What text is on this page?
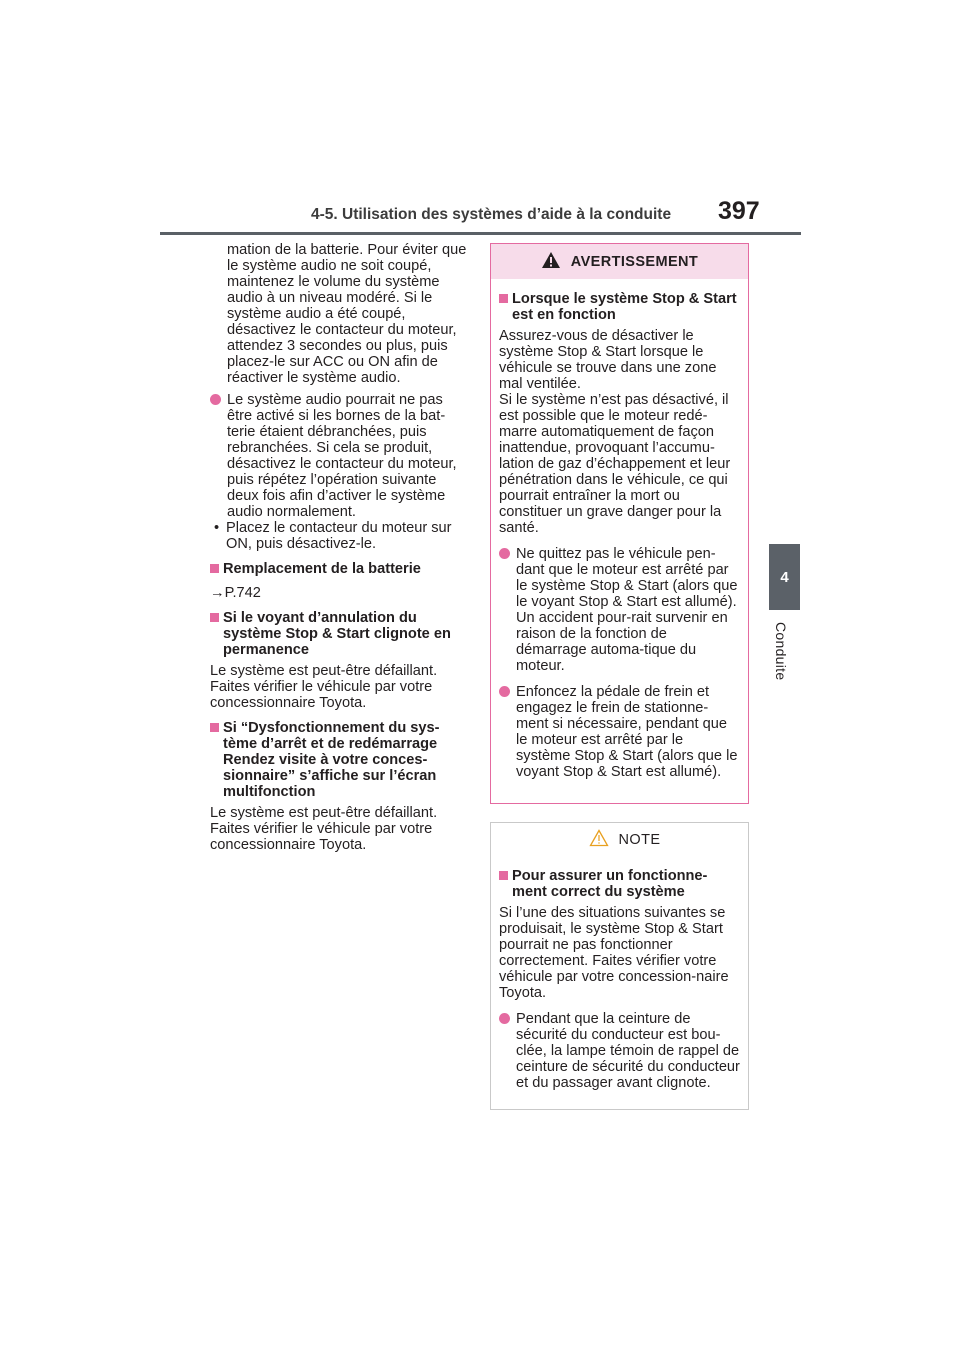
4-5. Utilisation des systèmes d’aide à la conduite 397
4
Conduite

mation de la batterie. Pour éviter que le système audio ne soit coupé, maintenez le volume du système audio à un niveau modéré. Si le système audio a été coupé, désactivez le contacteur du moteur, attendez 3 secondes ou plus, puis placez-le sur ACC ou ON afin de réactiver le système audio.

Le système audio pourrait ne pas être activé si les bornes de la bat-terie étaient débranchées, puis rebranchées. Si cela se produit, désactivez le contacteur du moteur, puis répétez l’opération suivante deux fois afin d’activer le système audio normalement.
• Placez le contacteur du moteur sur ON, puis désactivez-le.
Remplacement de la batterie

→P.742

Si le voyant d’annulation du système Stop & Start clignote en permanence

Le système est peut-être défaillant. Faites vérifier le véhicule par votre concessionnaire Toyota.

Si “Dysfonctionnement du sys-tème d’arrêt et de redémarrage Rendez visite à votre conces-sionnaire” s’affiche sur l’écran multifonction

Le système est peut-être défaillant. Faites vérifier le véhicule par votre concessionnaire Toyota.

AVERTISSEMENT
Lorsque le système Stop & Start est en fonction

Assurez-vous de désactiver le système Stop & Start lorsque le véhicule se trouve dans une zone mal ventilée.

Si le système n’est pas désactivé, il est possible que le moteur redé-marre automatiquement de façon inattendue, provoquant l’accumu-lation de gaz d’échappement et leur pénétration dans le véhicule, ce qui pourrait entraîner la mort ou constituer un grave danger pour la santé.

Ne quittez pas le véhicule pen-dant que le moteur est arrêté par le système Stop & Start (alors que le voyant Stop & Start est allumé). Un accident pour-rait survenir en raison de la fonction de démarrage automa-tique du moteur.
Enfoncez la pédale de frein et engagez le frein de stationne-ment si nécessaire, pendant que le moteur est arrêté par le système Stop & Start (alors que le voyant Stop & Start est allumé).
NOTE
Pour assurer un fonctionne-ment correct du système

Si l’une des situations suivantes se produisait, le système Stop & Start pourrait ne pas fonctionner correctement. Faites vérifier votre véhicule par votre concession-naire Toyota.

Pendant que la ceinture de sécurité du conducteur est bou-clée, la lampe témoin de rappel de ceinture de sécurité du conducteur et du passager avant clignote.
